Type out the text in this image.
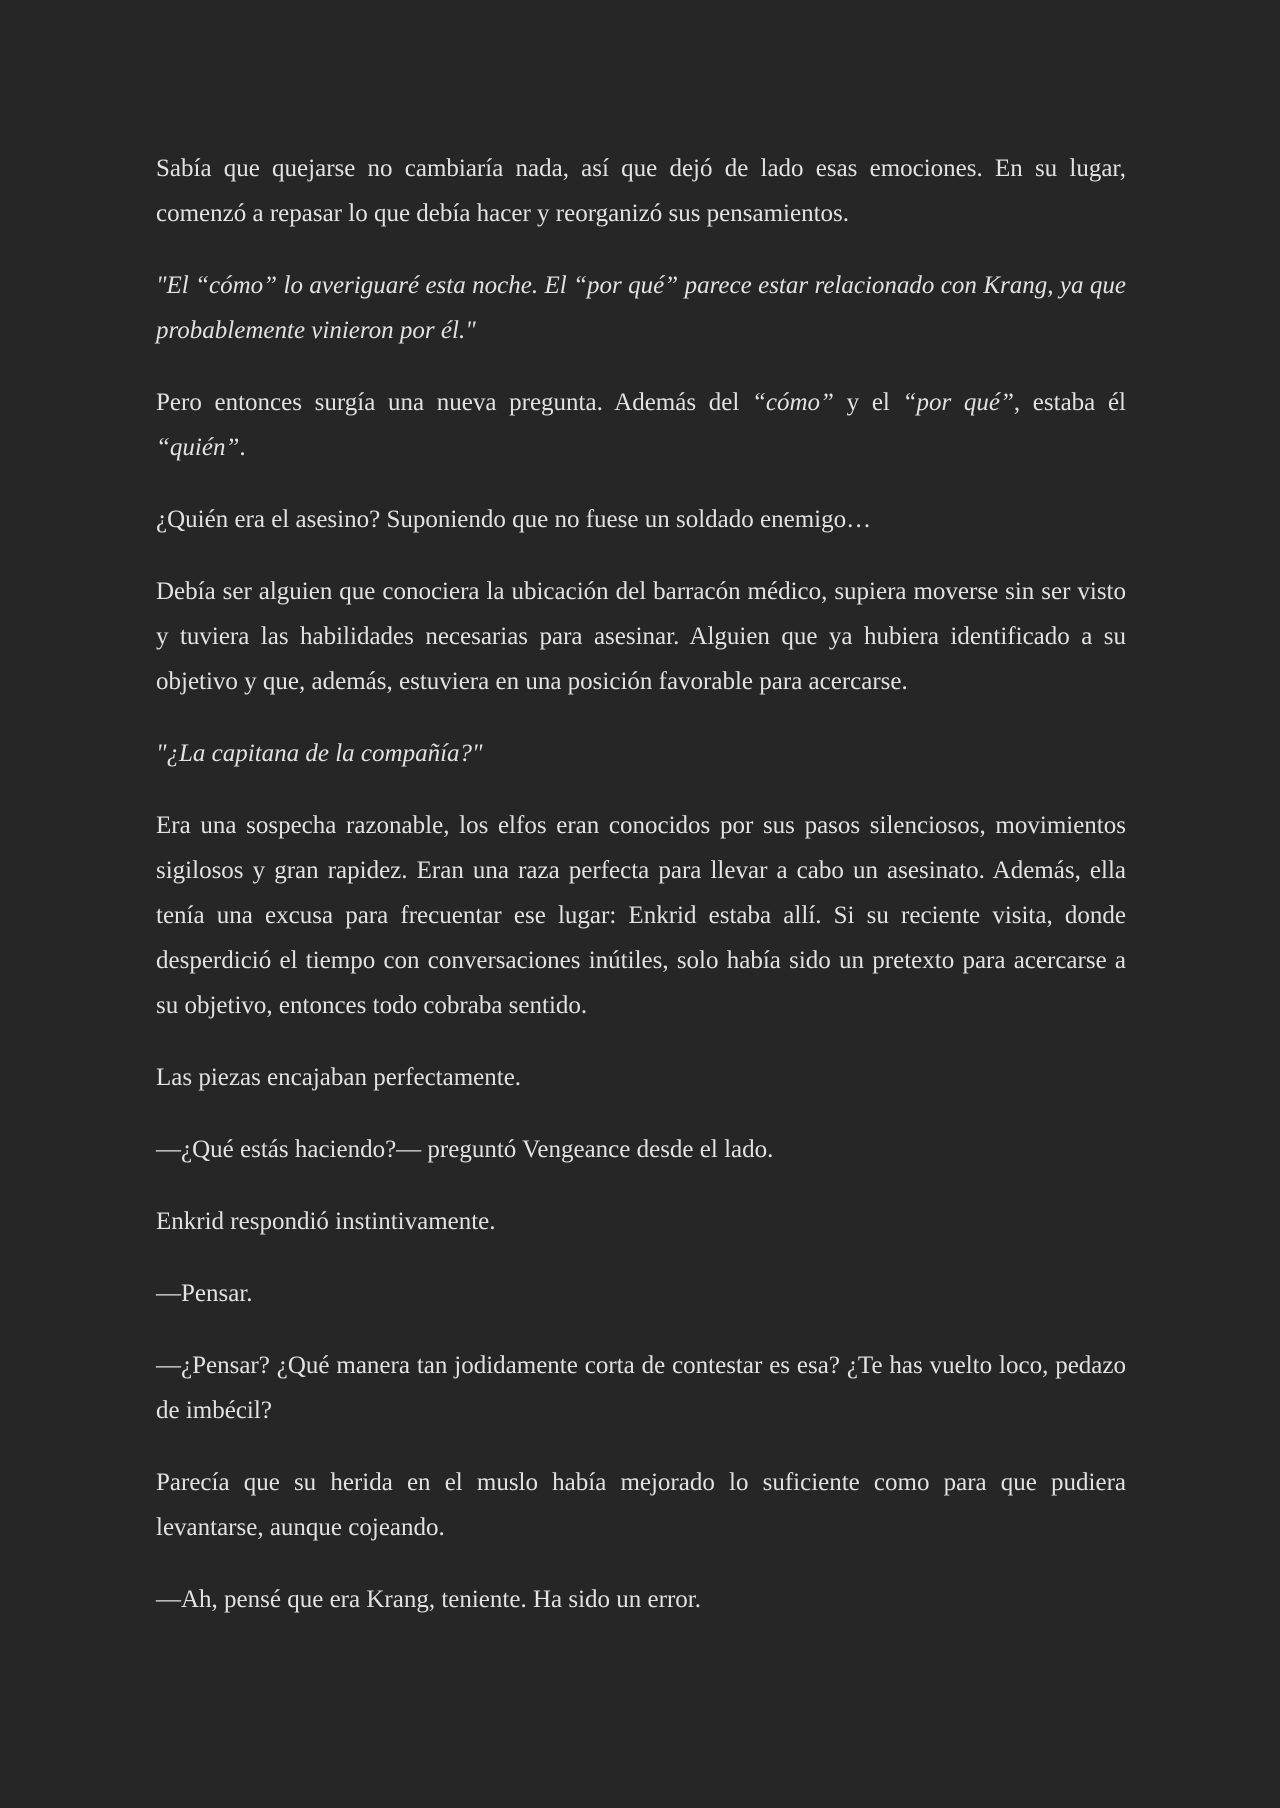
Sabía que quejarse no cambiaría nada, así que dejó de lado esas emociones. En su lugar, comenzó a repasar lo que debía hacer y reorganizó sus pensamientos.

"El “cómo” lo averiguaré esta noche. El “por qué” parece estar relacionado con Krang, ya que probablemente vinieron por él."

Pero entonces surgía una nueva pregunta. Además del “cómo” y el “por qué”, estaba él “quién”.

¿Quién era el asesino? Suponiendo que no fuese un soldado enemigo…

Debía ser alguien que conociera la ubicación del barracón médico, supiera moverse sin ser visto y tuviera las habilidades necesarias para asesinar. Alguien que ya hubiera identificado a su objetivo y que, además, estuviera en una posición favorable para acercarse.

"¿La capitana de la compañía?"

Era una sospecha razonable, los elfos eran conocidos por sus pasos silenciosos, movimientos sigilosos y gran rapidez. Eran una raza perfecta para llevar a cabo un asesinato. Además, ella tenía una excusa para frecuentar ese lugar: Enkrid estaba allí. Si su reciente visita, donde desperdició el tiempo con conversaciones inútiles, solo había sido un pretexto para acercarse a su objetivo, entonces todo cobraba sentido.

Las piezas encajaban perfectamente.

—¿Qué estás haciendo?— preguntó Vengeance desde el lado.

Enkrid respondió instintivamente.

—Pensar.

—¿Pensar? ¿Qué manera tan jodidamente corta de contestar es esa? ¿Te has vuelto loco, pedazo de imbécil?

Parecía que su herida en el muslo había mejorado lo suficiente como para que pudiera levantarse, aunque cojeando.

—Ah, pensé que era Krang, teniente. Ha sido un error.
